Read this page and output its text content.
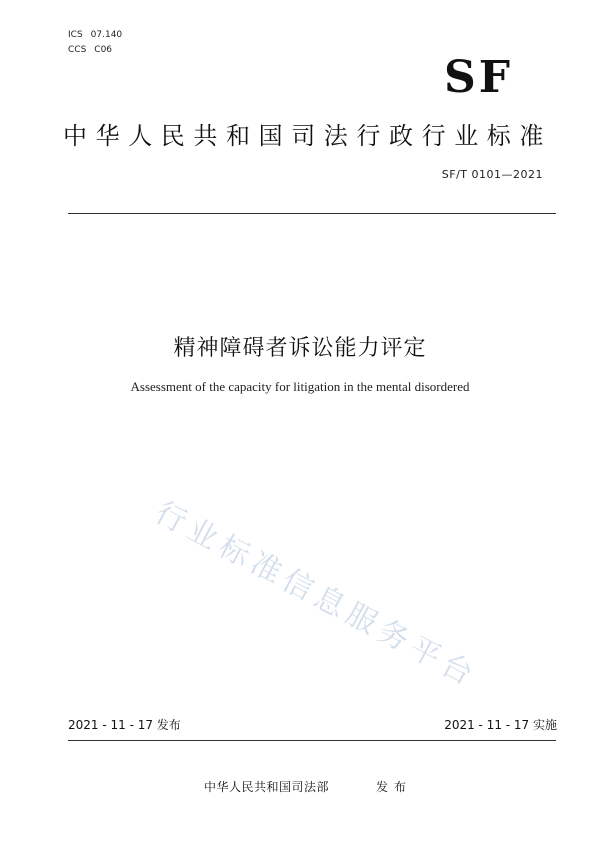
ICS 07.140
CCS C06
SF
中华人民共和国司法行政行业标准
SF/T 0101—2021
精神障碍者诉讼能力评定
Assessment of the capacity for litigation in the mental disordered
行业标准信息服务平台
2021 - 11 - 17 发布	2021 - 11 - 17 实施
中华人民共和国司法部	发布
